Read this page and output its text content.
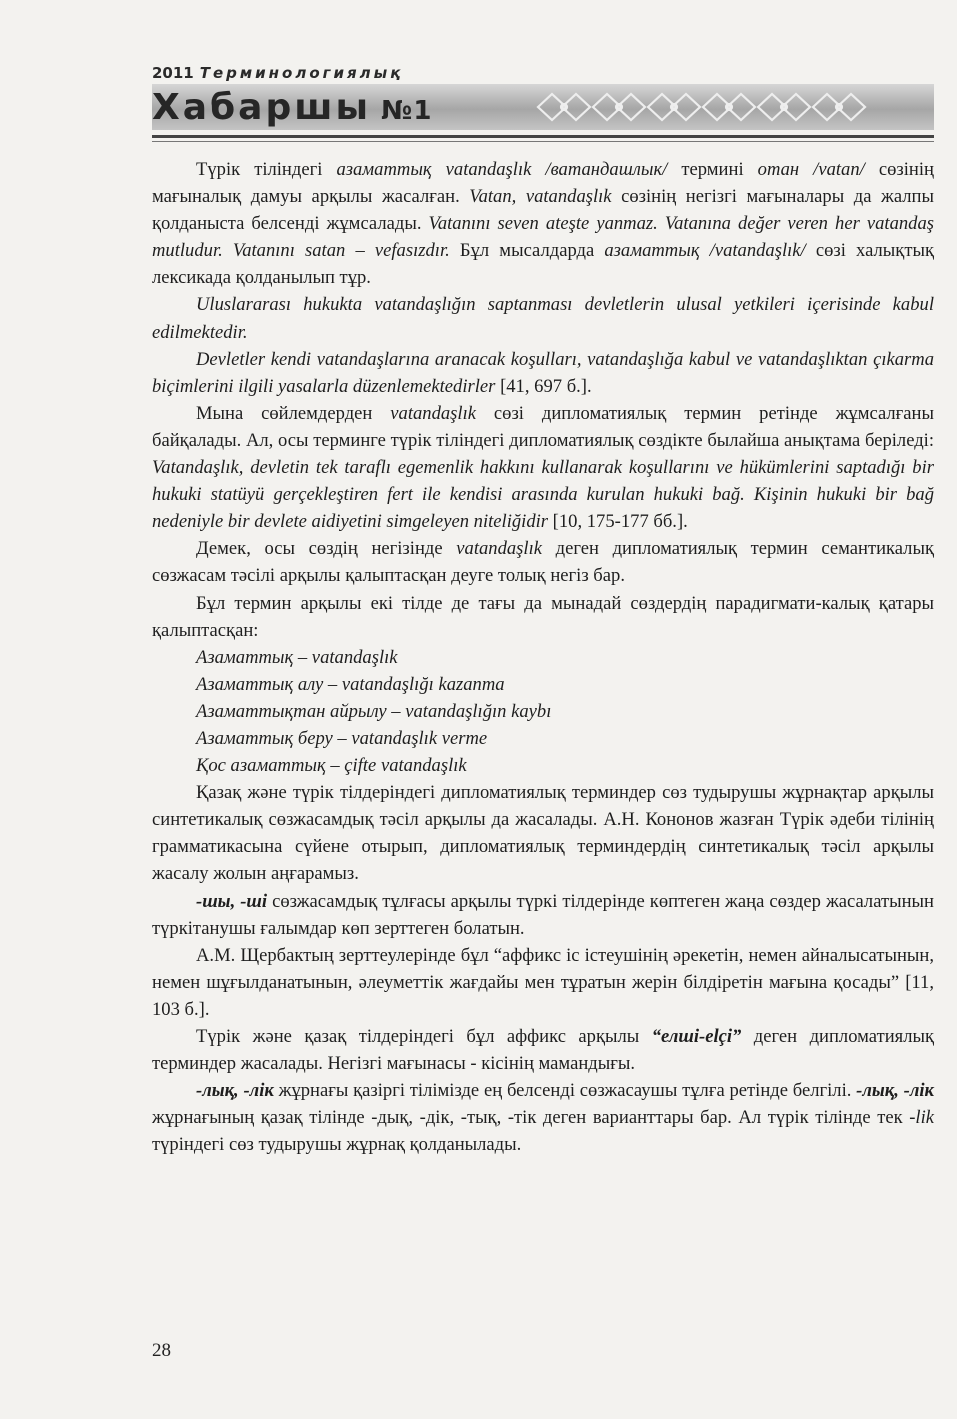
2011 Терминологиялық
Хабаршы №1

Түрік тіліндегі азаматтық vatandaşlık /ватандашлык/ термині отан /vatan/ сөзінің мағыналық дамуы арқылы жасалған. Vatan, vatandaşlık сөзінің негізгі мағыналары да жалпы қолданыста белсенді жұмсалады. Vatanını seven ateşte yanmaz. Vatanına değer veren her vatandaş mutludur. Vatanını satan – vefasızdır. Бұл мысалдарда азаматтық /vatandaşlık/ сөзі халықтық лексикада қолданылып тұр.

Uluslararası hukukta vatandaşlığın saptanması devletlerin ulusal yetkileri içerisinde kabul edilmektedir.

Devletler kendi vatandaşlarına aranacak koşulları, vatandaşlığa kabul ve vatandaşlıktan çıkarma biçimlerini ilgili yasalarla düzenlemektedirler [41, 697 б.].

Мына сөйлемдерден vatandaşlık сөзі дипломатиялық термин ретінде жұмсалғаны байқалады. Ал, осы терминге түрік тіліндегі дипломатиялық сөздікте былайша анықтама беріледі: Vatandaşlık, devletin tek taraflı egemenlik hakkını kullanarak koşullarını ve hükümlerini saptadığı bir hukuki statüyü gerçekleştiren fert ile kendisi arasında kurulan hukuki bağ. Kişinin hukuki bir bağ nedeniyle bir devlete aidiyetini simgeleyen niteliğidir [10, 175-177 бб.].

Демек, осы сөздің негізінде vatandaşlık деген дипломатиялық термин семантикалық сөзжасам тәсілі арқылы қалыптасқан деуге толық негіз бар.

Бұл термин арқылы екі тілде де тағы да мынадай сөздердің парадигмати-калық қатары қалыптасқан:

Азаматтық – vatandaşlık

Азаматтық алу – vatandaşlığı kazanma

Азаматтықтан айрылу – vatandaşlığın kaybı

Азаматтық беру – vatandaşlık verme

Қос азаматтық – çifte vatandaşlık

Қазақ және түрік тілдеріндегі дипломатиялық терминдер сөз тудырушы жұрнақтар арқылы синтетикалық сөзжасамдық тәсіл арқылы да жасалады. А.Н. Кононов жазған Түрік әдеби тілінің грамматикасына сүйене отырып, дипломатиялық терминдердің синтетикалық тәсіл арқылы жасалу жолын аңғарамыз.

-шы, -ші сөзжасамдық тұлғасы арқылы түркі тілдерінде көптеген жаңа сөздер жасалатынын түркітанушы ғалымдар көп зерттеген болатын.

А.М. Щербактың зерттеулерінде бұл “аффикс іс істеушінің әрекетін, немен айналысатынын, немен шұғылданатынын, әлеуметтік жағдайы мен тұратын жерін білдіретін мағына қосады” [11, 103 б.].

Түрік және қазақ тілдеріндегі бұл аффикс арқылы “елші-elçi” деген дипломатиялық терминдер жасалады. Негізгі мағынасы - кісінің мамандығы.

-лық, -лік жұрнағы қазіргі тілімізде ең белсенді сөзжасаушы тұлға ретінде белгілі. -лық, -лік жұрнағының қазақ тілінде -дық, -дік, -тық, -тік деген варианттары бар. Ал түрік тілінде тек -lik түріндегі сөз тудырушы жұрнақ қолданылады.

28
